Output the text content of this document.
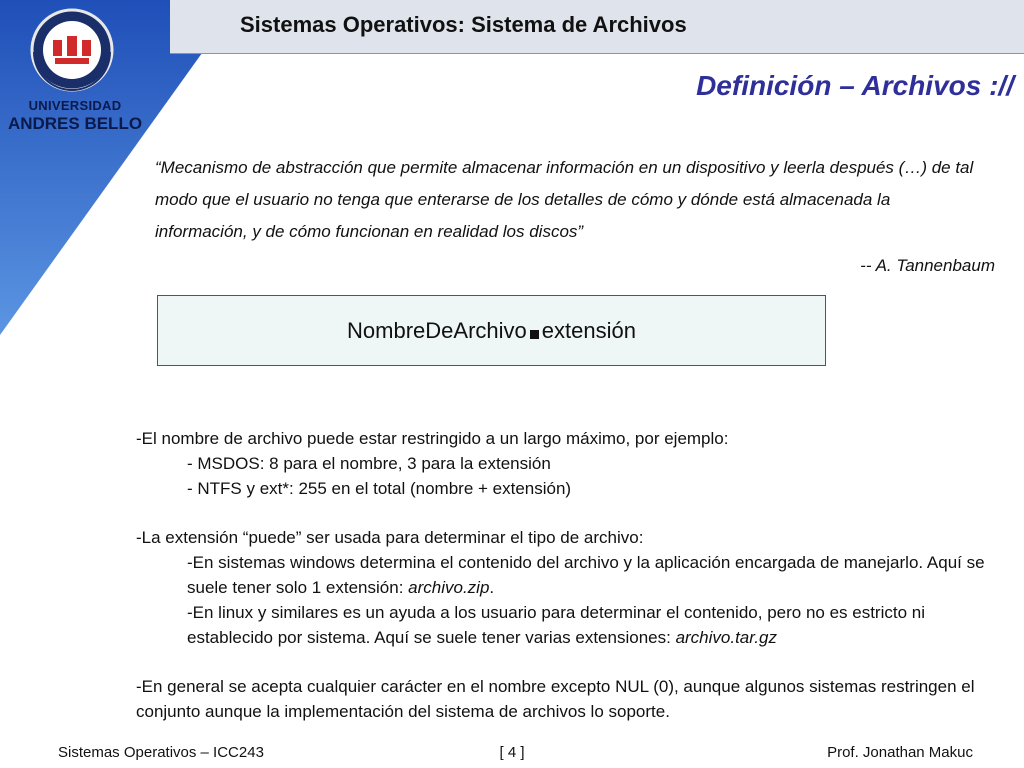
Sistemas Operativos: Sistema de Archivos
UNIVERSIDAD
ANDRES BELLO
Definición – Archivos ://
“Mecanismo de abstracción que permite almacenar información en un dispositivo y leerla después (…) de tal modo que el usuario no tenga que enterarse de los detalles de cómo y dónde está almacenada la información, y de cómo funcionan en realidad los discos”
-- A. Tannenbaum
NombreDeArchivo extensión

-El nombre de archivo puede estar restringido a un largo máximo, por ejemplo:

- MSDOS: 8 para el nombre, 3 para la extensión

- NTFS y ext*: 255 en el total (nombre + extensión)

-La extensión “puede” ser usada para determinar el tipo de archivo:

-En sistemas windows determina el contenido del archivo y la aplicación encargada de manejarlo. Aquí se suele tener solo 1 extensión: archivo.zip.

-En linux y similares es un ayuda a los usuario para determinar el contenido, pero no es estricto ni establecido por sistema. Aquí se suele tener varias extensiones: archivo.tar.gz

-En general se acepta cualquier carácter en el nombre excepto NUL (0), aunque algunos sistemas restringen el conjunto aunque la implementación del sistema de archivos lo soporte.

Sistemas Operativos – ICC243	[ 4 ]	Prof. Jonathan Makuc
